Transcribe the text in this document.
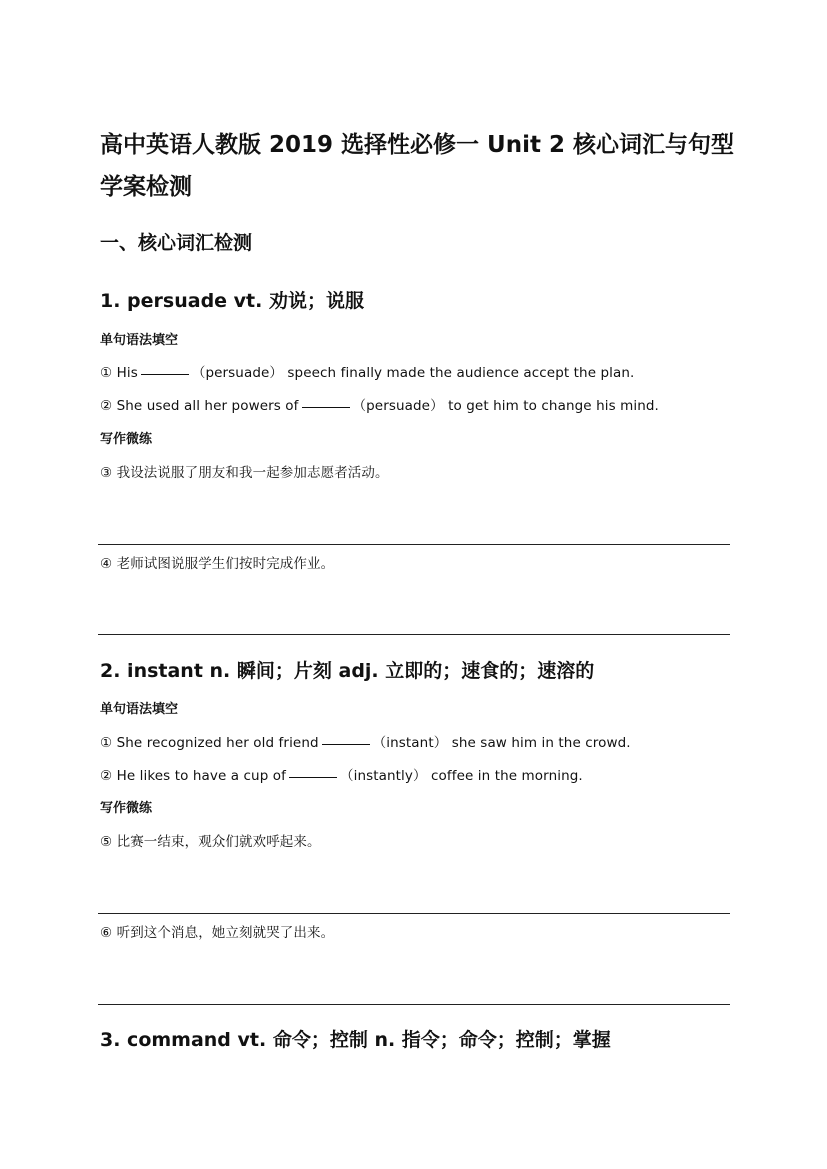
高中英语人教版 2019 选择性必修一 Unit 2 核心词汇与句型学案检测
一、核心词汇检测
1. persuade vt. 劝说；说服
单句语法填空

① His	（persuade） speech finally made the audience accept the plan.

② She used all her powers of	（persuade） to get him to change his mind.

写作微练

③ 我设法说服了朋友和我一起参加志愿者活动。

④ 老师试图说服学生们按时完成作业。

2. instant n. 瞬间；片刻 adj. 立即的；速食的；速溶的
单句语法填空

① She recognized her old friend	（instant） she saw him in the crowd.

② He likes to have a cup of	（instantly） coffee in the morning.

写作微练

⑤ 比赛一结束，观众们就欢呼起来。

⑥ 听到这个消息，她立刻就哭了出来。

3. command vt. 命令；控制 n. 指令；命令；控制；掌握
